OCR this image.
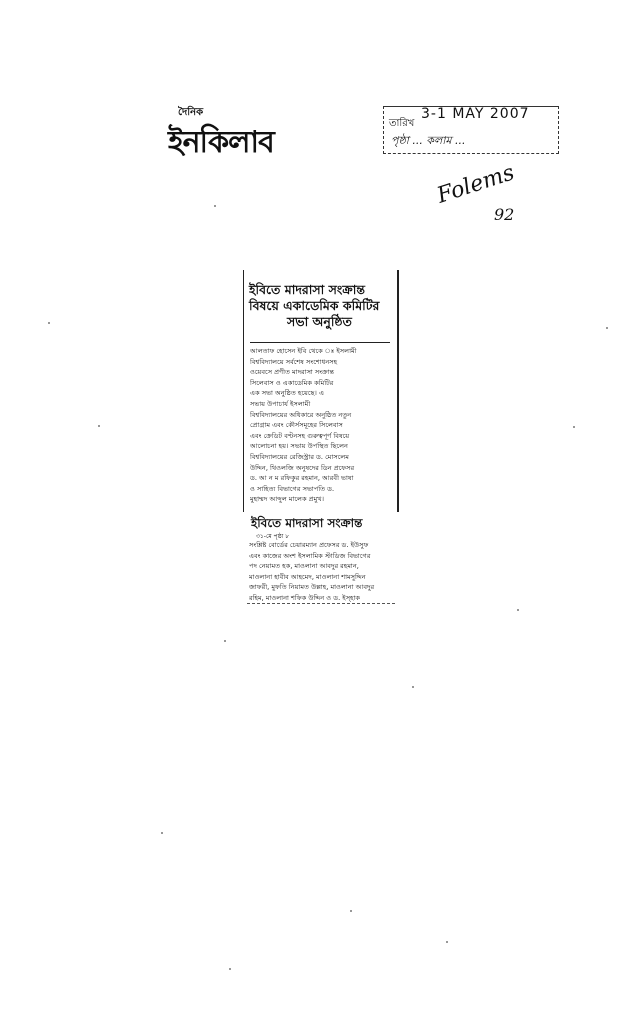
দৈনিক
ইনকিলাব
তারিখ
3-1 MAY 2007
পৃষ্ঠা ... কলাম ...
Folems
92
ইবিতে মাদরাসা সংক্রান্ত
বিষয়ে একাডেমিক কমিটির
সভা অনুষ্ঠিত
আলতাফ হোসেন ইবি থেকে ঃ ইসলামী
বিশ্ববিদ্যালয়ে সর্বশেষ সংশোধনসহ
ওয়েবসে প্রণীত মাদরাসা সংক্রান্ত
সিলেবাস ও একাডেমিক কমিটির
এক সভা অনুষ্ঠিত হয়েছে। এ
সভায় উপাচার্য ইসলামী
বিশ্ববিদ্যালয়ের অধিকারে অনুষ্ঠিত নতুন
প্রোগ্রাম এবং কৌর্সসমূহের সিলেবাস
এবং ক্রেডিট বণ্টনসহ গুরুত্বপূর্ণ বিষয়ে
আলোচনা হয়। সভায় উপস্থিত ছিলেন
বিশ্ববিদ্যালয়ের রেজিস্ট্রার ড. মোসলেম
উদ্দিন, থিওলজি অনুষদের ডিন প্রফেসর
ড. আ ন ম রফিকুর রহমান, আরবী ভাষা
ও সাহিত্য বিভাগের সভাপতি ড.
মুহাম্মদ আব্দুল মালেক প্রমুখ।
ইবিতে মাদরাসা সংক্রান্ত
৩১-মে পৃষ্ঠা ৮
সংশ্লিষ্ট বোর্ডের চেয়ারম্যান প্রফেসর ড. ইউসুফ
এবং কাজের অংশ ইসলামিক স্টাডিজ বিভাগের
পদ নেয়ামত হক, মাওলানা আবদুর রহমান,
মাওলানা হাবীব আহমেদ, মাওলানা শামসুদ্দিন
জাফরী, মুফতি নিয়ামত উল্লাহ, মাওলানা আবদুর
রহিম, মাওলানা শফিক উদ্দিন ও ড. ইস্‌হাক
